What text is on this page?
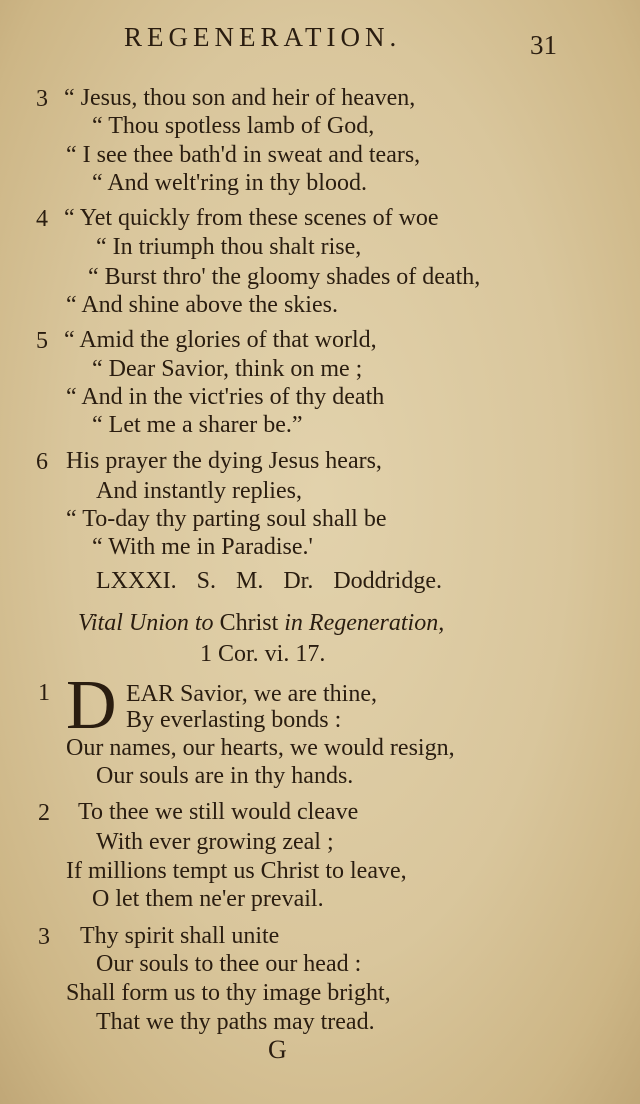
REGENERATION.	31
3 “ Jesus, thou son and heir of heaven,
“ Thou spotless lamb of God,
“ I see thee bath'd in sweat and tears,
“ And welt'ring in thy blood.
4 “ Yet quickly from these scenes of woe
“ In triumph thou shalt rise,
“ Burst thro' the gloomy shades of death,
“ And shine above the skies.
5 “ Amid the glories of that world,
“ Dear Savior, think on me ;
“ And in the vict'ries of thy death
“ Let me a sharer be.”
6 His prayer the dying Jesus hears,
And instantly replies,
“ To-day thy parting soul shall be
“ With me in Paradise.'
LXXXI. S. M. Dr. Doddridge.
Vital Union to Christ in Regeneration,
1 Cor. vi. 17.
1 D EAR Savior, we are thine,
By everlasting bonds :
Our names, our hearts, we would resign,
Our souls are in thy hands.
2 To thee we still would cleave
With ever growing zeal ;
If millions tempt us Christ to leave,
O let them ne'er prevail.
3 Thy spirit shall unite
Our souls to thee our head :
Shall form us to thy image bright,
That we thy paths may tread.
G
